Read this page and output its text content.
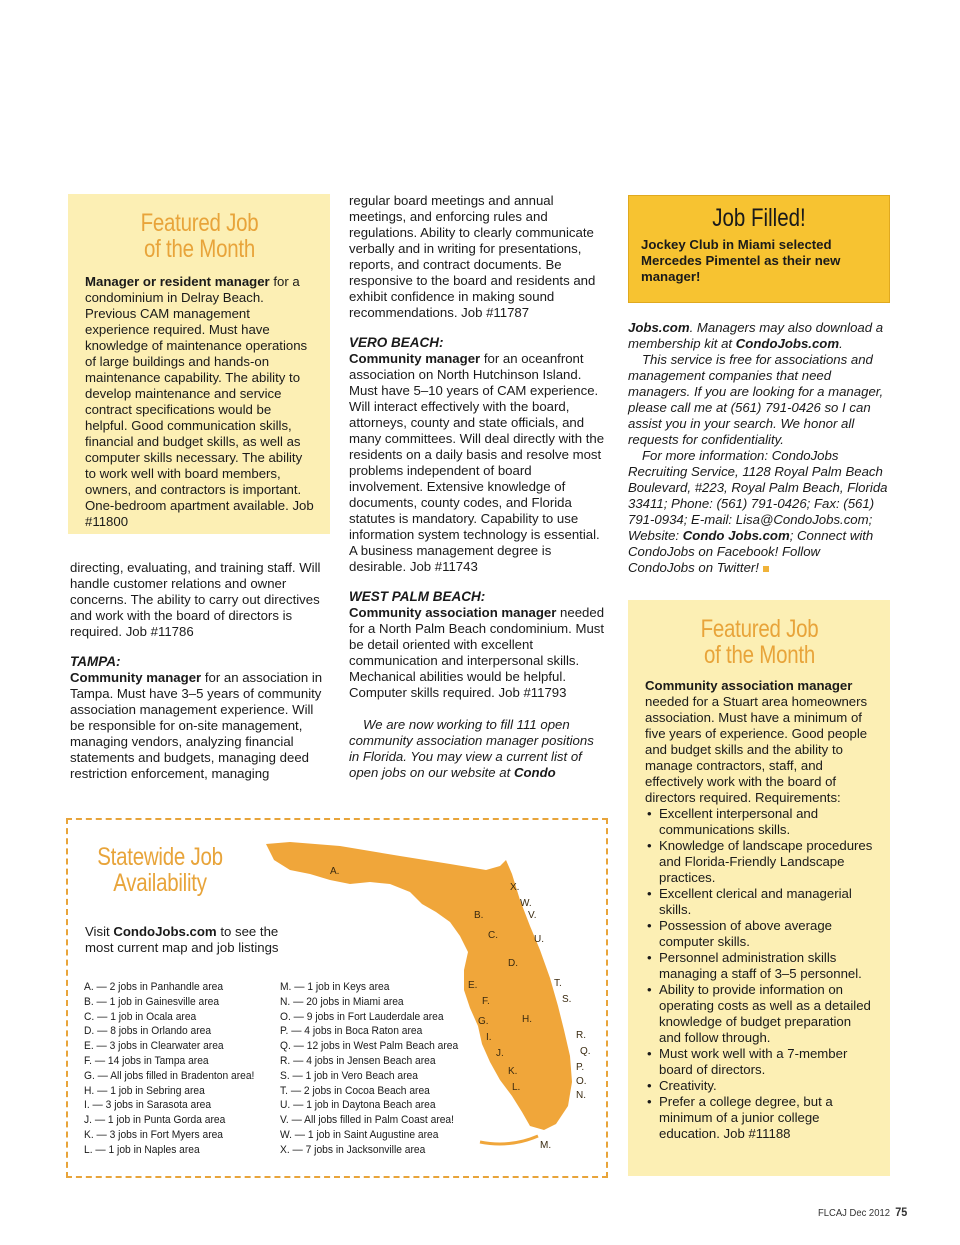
Featured Job
of the Month
Manager or resident manager for a condominium in Delray Beach. Previous CAM management experience required. Must have knowledge of maintenance operations of large buildings and hands-on maintenance capability. The ability to develop maintenance and service contract specifications would be helpful. Good communication skills, financial and budget skills, as well as computer skills necessary. The ability to work well with board members, owners, and contractors is important. One-bedroom apartment available. Job #11800

directing, evaluating, and training staff. Will handle customer relations and owner concerns. The ability to carry out directives and work with the board of directors is required. Job #11786

TAMPA:

Community manager for an association in Tampa. Must have 3–5 years of community association management experience. Will be responsible for on-site management, managing vendors, analyzing financial statements and budgets, managing deed restriction enforcement, managing

regular board meetings and annual meetings, and enforcing rules and regulations. Ability to clearly communicate verbally and in writing for presentations, reports, and contract documents. Be responsive to the board and residents and exhibit confidence in making sound recommendations. Job #11787

VERO BEACH:

Community manager for an oceanfront association on North Hutchinson Island. Must have 5–10 years of CAM experience. Will interact effectively with the board, attorneys, county and state officials, and many committees. Will deal directly with the residents on a daily basis and resolve most problems independent of board involvement. Extensive knowledge of documents, county codes, and Florida statutes is mandatory. Capability to use information system technology is essential. A business management degree is desirable. Job #11743

WEST PALM BEACH:

Community association manager needed for a North Palm Beach condominium. Must be detail oriented with excellent communication and interpersonal skills. Mechanical abilities would be helpful. Computer skills required. Job #11793

We are now working to fill 111 open community association manager positions in Florida. You may view a current list of open jobs on our website at Condo

Job Filled!
Jockey Club in Miami selected Mercedes Pimentel as their new manager!

Jobs.com. Managers may also download a membership kit at CondoJobs.com.

This service is free for associations and management companies that need managers. If you are looking for a manager, please call me at (561) 791-0426 so I can assist you in your search. We honor all requests for confidentiality.

For more information: CondoJobs Recruiting Service, 1128 Royal Palm Beach Boulevard, #223, Royal Palm Beach, Florida 33411; Phone: (561) 791-0426; Fax: (561) 791-0934; E-mail: Lisa@CondoJobs.com; Website: Condo Jobs.com; Connect with CondoJobs on Facebook! Follow CondoJobs on Twitter!

Featured Job
of the Month
Community association manager needed for a Stuart area homeowners association. Must have a minimum of five years of experience. Good people and budget skills and the ability to manage contractors, staff, and effectively work with the board of directors required. Requirements:
• Excellent interpersonal and communications skills.
• Knowledge of landscape procedures and Florida-Friendly Landscape practices.
• Excellent clerical and managerial skills.
• Possession of above average computer skills.
• Personnel administration skills managing a staff of 3–5 personnel.
• Ability to provide information on operating costs as well as a detailed knowledge of budget preparation and follow through.
• Must work well with a 7-member board of directors.
• Creativity.
• Prefer a college degree, but a minimum of a junior college education. Job #11188
Statewide Job
Availability
Visit CondoJobs.com to see the most current map and job listings
A. — 2 jobs in Panhandle area
B. — 1 job in Gainesville area
C. — 1 job in Ocala area
D. — 8 jobs in Orlando area
E. — 3 jobs in Clearwater area
F. — 14 jobs in Tampa area
G. — All jobs filled in Bradenton area!
H. — 1 job in Sebring area
I. — 3 jobs in Sarasota area
J. — 1 job in Punta Gorda area
K. — 3 jobs in Fort Myers area
L. — 1 job in Naples area
M. — 1 job in Keys area
N. — 20 jobs in Miami area
O. — 9 jobs in Fort Lauderdale area
P. — 4 jobs in Boca Raton area
Q. — 12 jobs in West Palm Beach area
R. — 4 jobs in Jensen Beach area
S. — 1 job in Vero Beach area
T. — 2 jobs in Cocoa Beach area
U. — 1 job in Daytona Beach area
V. — All jobs filled in Palm Coast area!
W. — 1 job in Saint Augustine area
X. — 7 jobs in Jacksonville area
A.
B.
C.
D.
E.
F.
G.	H.
I.
J.
K.
L.
M.
N.
O.
P.
Q.
R.
S.
T.
U.
V.
W.
X.
FLCAJ Dec 2012 75
